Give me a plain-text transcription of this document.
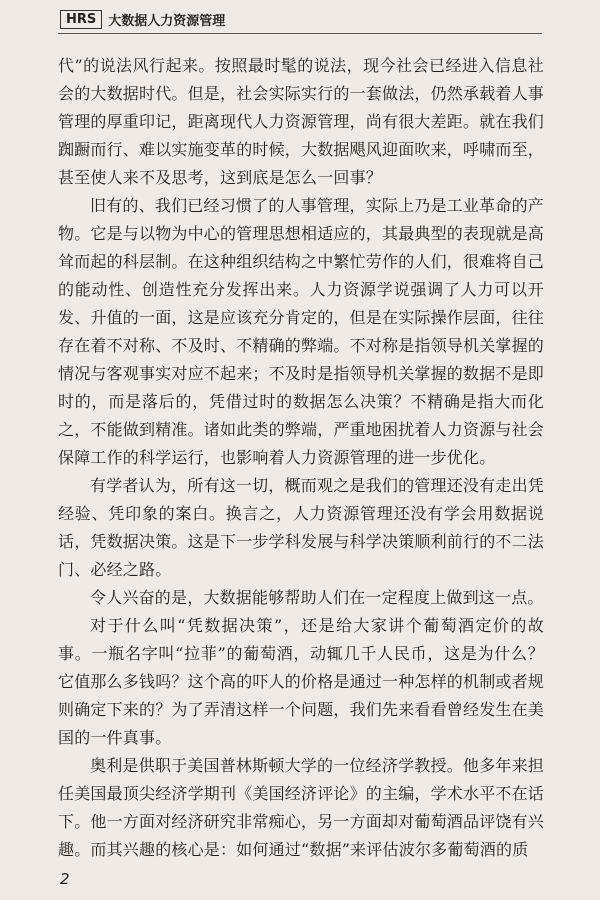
HRS 大数据人力资源管理

代”的说法风行起来。按照最时髦的说法，现今社会已经进入信息社会的大数据时代。但是，社会实际实行的一套做法，仍然承载着人事管理的厚重印记，距离现代人力资源管理，尚有很大差距。就在我们踟蹰而行、难以实施变革的时候，大数据飓风迎面吹来，呼啸而至，甚至使人来不及思考，这到底是怎么一回事？

旧有的、我们已经习惯了的人事管理，实际上乃是工业革命的产物。它是与以物为中心的管理思想相适应的，其最典型的表现就是高耸而起的科层制。在这种组织结构之中繁忙劳作的人们，很难将自己的能动性、创造性充分发挥出来。人力资源学说强调了人力可以开发、升值的一面，这是应该充分肯定的，但是在实际操作层面，往往存在着不对称、不及时、不精确的弊端。不对称是指领导机关掌握的情况与客观事实对应不起来；不及时是指领导机关掌握的数据不是即时的，而是落后的，凭借过时的数据怎么决策？不精确是指大而化之，不能做到精准。诸如此类的弊端，严重地困扰着人力资源与社会保障工作的科学运行，也影响着人力资源管理的进一步优化。

有学者认为，所有这一切，概而观之是我们的管理还没有走出凭经验、凭印象的案白。换言之，人力资源管理还没有学会用数据说话，凭数据决策。这是下一步学科发展与科学决策顺利前行的不二法门、必经之路。

令人兴奋的是，大数据能够帮助人们在一定程度上做到这一点。

对于什么叫“凭数据决策”，还是给大家讲个葡萄酒定价的故事。一瓶名字叫“拉菲”的葡萄酒，动辄几千人民币，这是为什么？它值那么多钱吗？这个高的吓人的价格是通过一种怎样的机制或者规则确定下来的？为了弄清这样一个问题，我们先来看看曾经发生在美国的一件真事。

奥利是供职于美国普林斯顿大学的一位经济学教授。他多年来担任美国最顶尖经济学期刊《美国经济评论》的主编，学术水平不在话下。他一方面对经济研究非常痴心，另一方面却对葡萄酒品评饶有兴趣。而其兴趣的核心是：如何通过“数据”来评估波尔多葡萄酒的质

2
